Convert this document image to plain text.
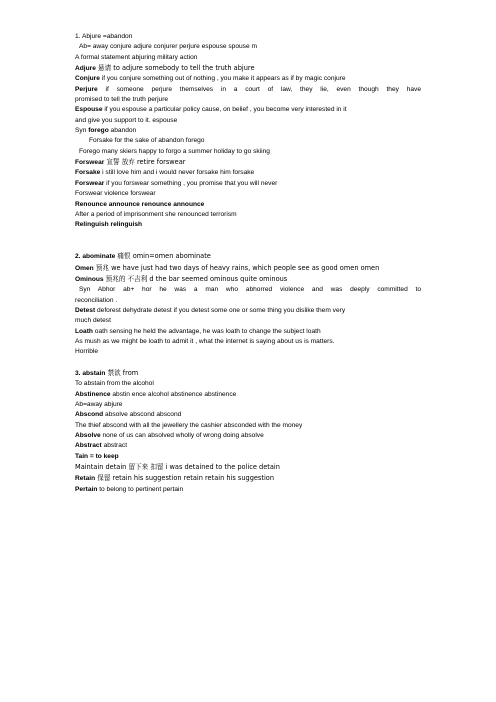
1. Abjure =abandon
Ab= away conjure adjure conjurer perjure espouse spouse m
A formal statement abjuring military action
Adjure 悬请 to adjure somebody to tell the truth abjure
Conjure if you conjure something out of nothing , you make it appears as if by magic conjure
Perjure if someone perjure themselves in a court of law, they lie, even though they have
promised to tell the truth perjure
Espouse if you espouse a particular policy cause, on belief , you become very interested in it
and give you support to it. espouse
Syn forego abandon
Forsake for the sake of abandon forego
Forego many skiers happy to forgo a summer holiday to go skiing
Forswear 宣誓 放弃 retire forswear
Forsake i still love him and i would never forsake him forsake
Forswear if you forswear something , you promise that you will never
Forswear violence forswear
Renounce announce renounce announce
After a period of imprisonment she renounced terrorism
Relinguish relinguish
2. abominate 痛恨 omin=omen abominate
Omen 预兆 we have just had two days of heavy rains, which people see as good omen omen
Ominous 预兆的 不吉利 d the bar seemed ominous quite ominous
Syn Abhor ab+ hor he was a man who abhorred violence and was deeply committed to
reconciliation .
Detest deforest dehydrate detest if you detest some one or some thing you dislike them very
much detest
Loath oath sensing he held the advantage, he was loath to change the subject loath
As mush as we might be loath to admit it , what the internet is saying about us is matters.
Horrible
3. abstain 禁欲 from
To abstain from the alcohol
Abstinence abstin ence alcohol abstinence abstinence
Ab=away abjure
Abscond absolve abscond abscond
The thief abscond with all the jewellery the cashier absconded with the money
Absolve none of us can absolved wholly of wrong doing absolve
Abstract abstract
Tain = to keep
Maintain detain 留下来 扣留 i was detained to the police detain
Retain 保留 retain his suggestion retain retain his suggestion
Pertain to belong to pertinent pertain
